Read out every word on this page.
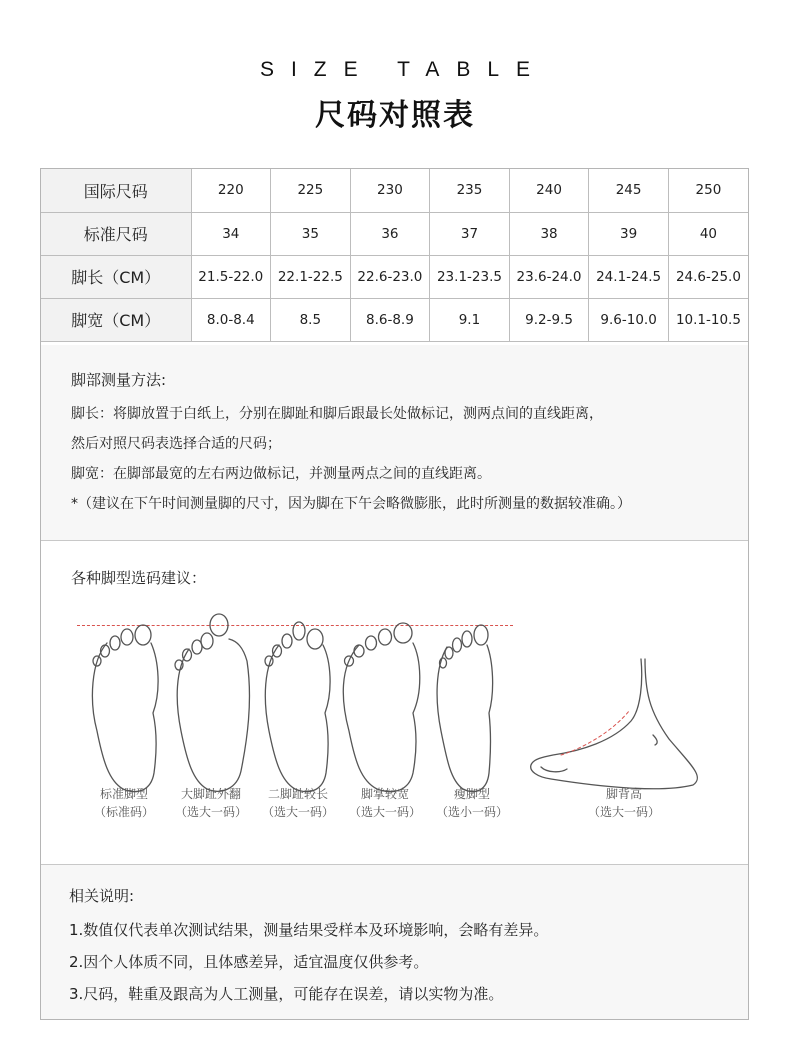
SIZE TABLE
尺码对照表
国际尺码	220	225	230	235	240	245	250
标准尺码	34	35	36	37	38	39	40
脚长（CM）	21.5-22.0	22.1-22.5	22.6-23.0	23.1-23.5	23.6-24.0	24.1-24.5	24.6-25.0
脚宽（CM）	8.0-8.4	8.5	8.6-8.9	9.1	9.2-9.5	9.6-10.0	10.1-10.5
脚部测量方法:
脚长：将脚放置于白纸上，分别在脚趾和脚后跟最长处做标记，测两点间的直线距离，
然后对照尺码表选择合适的尺码；
脚宽：在脚部最宽的左右两边做标记，并测量两点之间的直线距离。
*（建议在下午时间测量脚的尺寸，因为脚在下午会略微膨胀，此时所测量的数据较准确。）
各种脚型选码建议：
标准脚型
（标准码）
大脚趾外翻
（选大一码）
二脚趾较长
（选大一码）
脚掌较宽
（选大一码）
瘦脚型
（选小一码）
脚背高
（选大一码）
相关说明:
1.数值仅代表单次测试结果，测量结果受样本及环境影响，会略有差异。
2.因个人体质不同，且体感差异，适宜温度仅供参考。
3.尺码，鞋重及跟高为人工测量，可能存在误差，请以实物为准。
